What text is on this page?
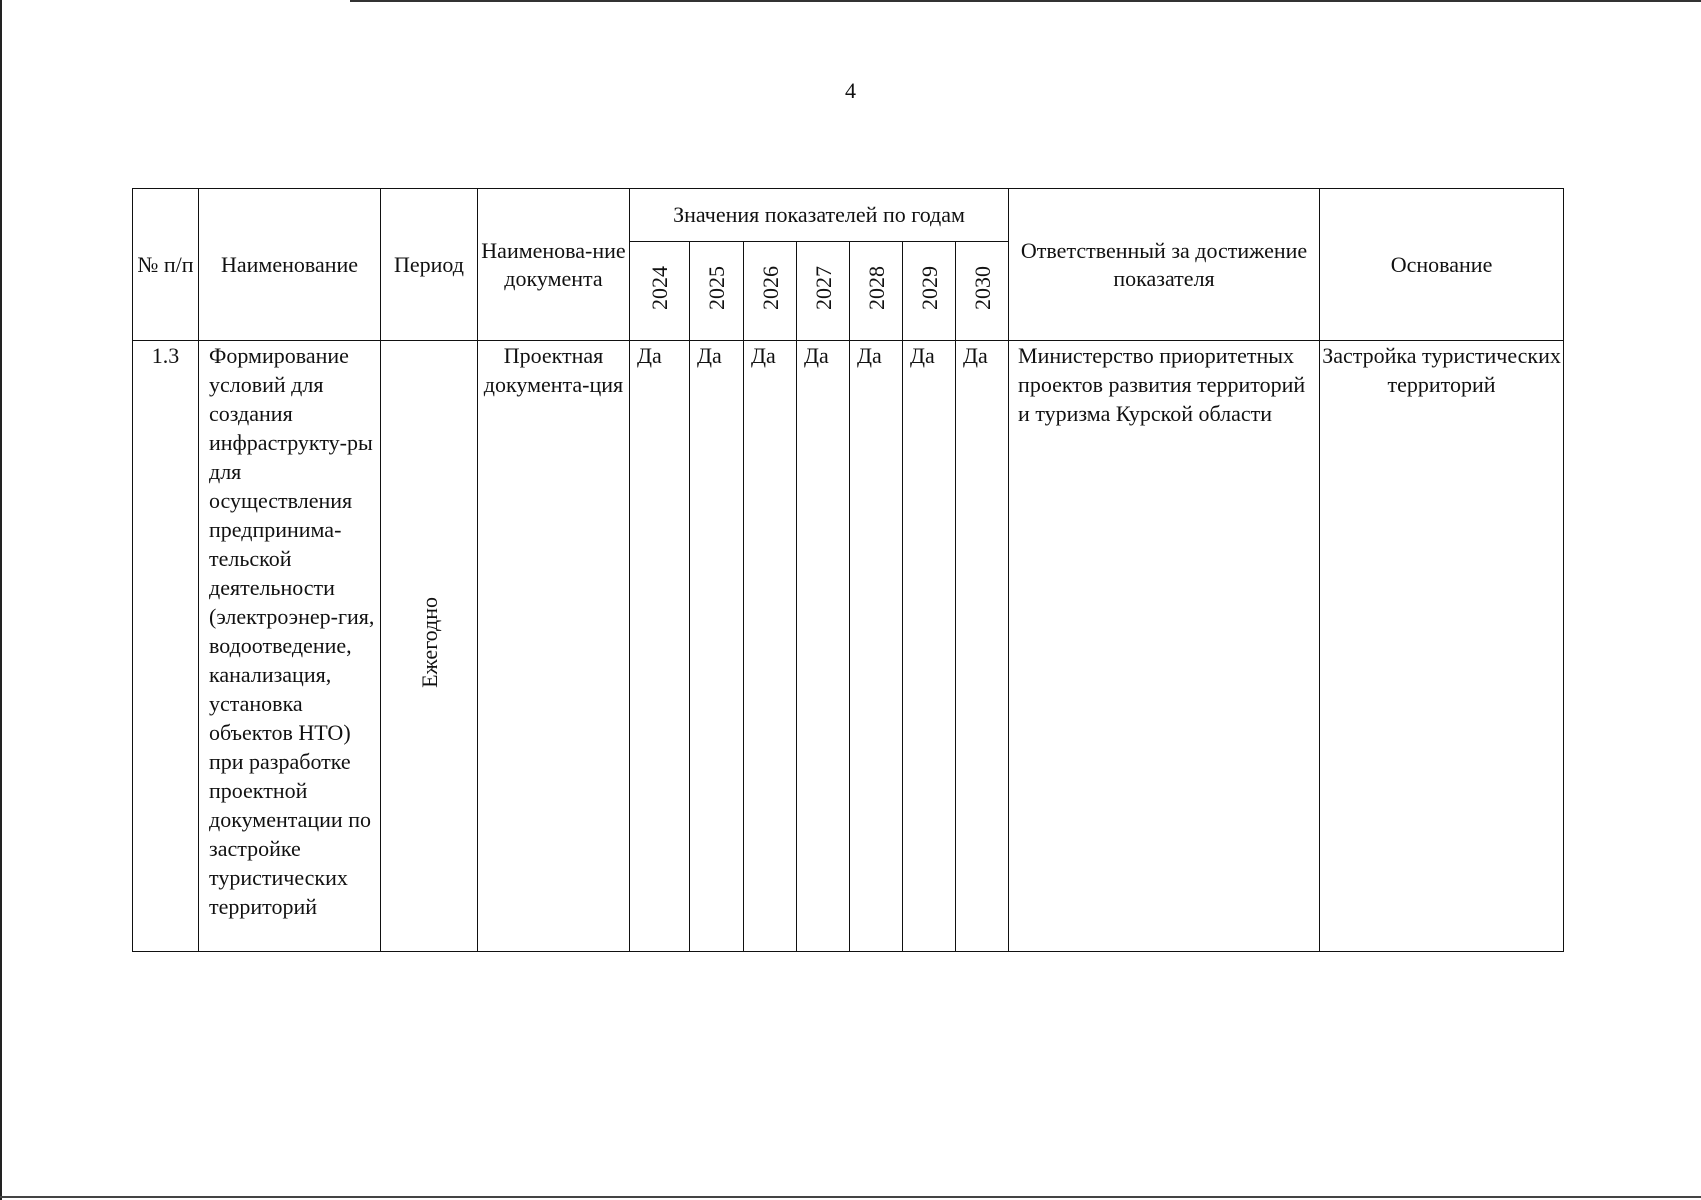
4
№ п/п	Наименование	Период	Наименова-ние документа	Значения показателей по годам							Ответственный за достижение показателя	Основание
				2024	2025	2026	2027	2028	2029	2030		
1.3	Формирование условий для создания инфраструкту-ры для осуществления предпринима-тельской деятельности (электроэнер-гия, водоотведение, канализация, установка объектов НТО) при разработке проектной документации по застройке туристических территорий	Ежегодно	Проектная документа-ция	Да	Да	Да	Да	Да	Да	Да	Министерство приоритетных проектов развития территорий и туризма Курской области	Застройка туристических территорий
